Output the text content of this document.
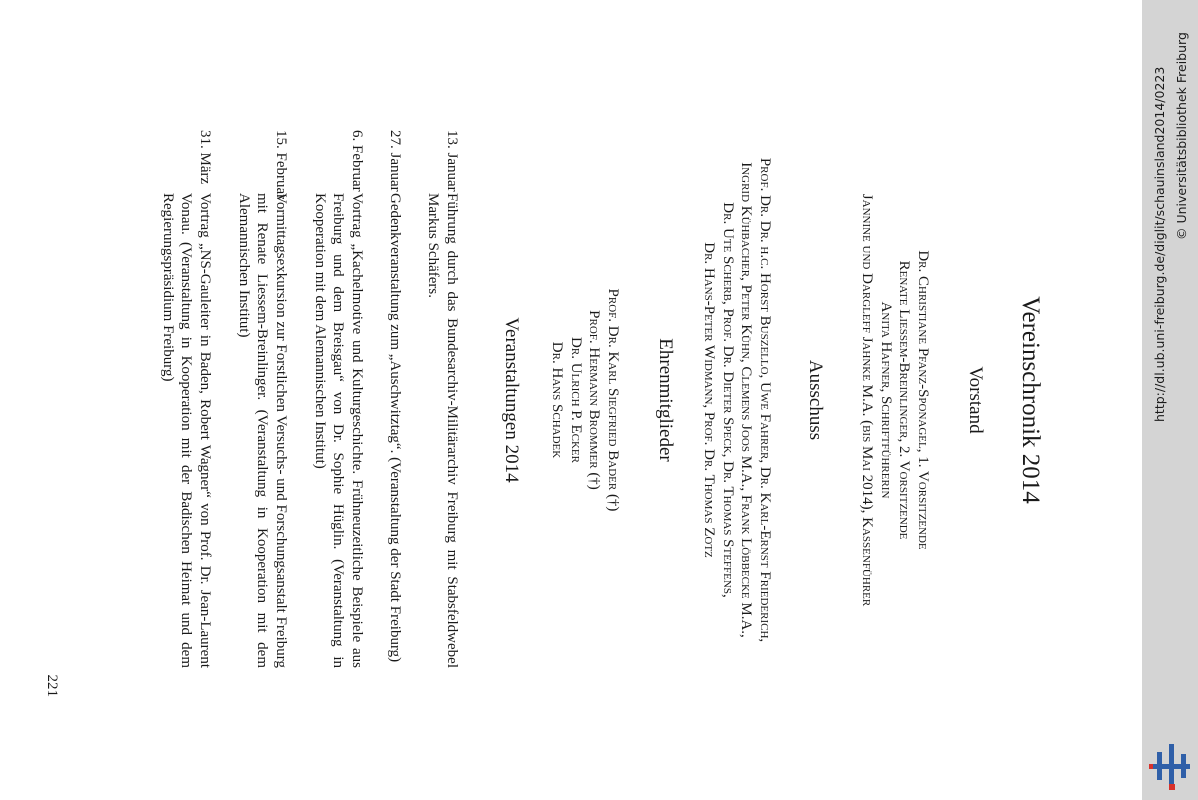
Vereinschronik 2014
Vorstand
Dr. Christiane Pfanz-Sponagel, 1. Vorsitzende
Renate Liessem-Breinlinger, 2. Vorsitzende
Anita Hafner, Schriftführerin
Jannine und Dargleff Jahnke M.A. (bis Mai 2014), Kassenführer
Ausschuss
Prof. Dr. Dr. h.c. Horst Buszello, Uwe Fahrer, Dr. Karl-Ernst Friederich,
Ingrid Kühbacher, Peter Kühn, Clemens Joos M.A., Frank Löbbecke M.A.,
Dr. Ute Scherb, Prof. Dr. Dieter Speck, Dr. Thomas Steffens,
Dr. Hans-Peter Widmann, Prof. Dr. Thomas Zotz
Ehrenmitglieder
Prof. Dr. Karl Siegfried Bader (†)
Prof. Hermann Brommer (†)
Dr. Ulrich P. Ecker
Dr. Hans Schadek
Veranstaltungen 2014
13. Januar
Führung durch das Bundesarchiv-Militärarchiv Freiburg mit Stabsfeldwebel Markus Schäfers.
27. Januar
Gedenkveranstaltung zum „Auschwitztag“. (Veranstaltung der Stadt Freiburg)
6. Februar
Vortrag „Kachelmotive und Kulturgeschichte. Frühneuzeitliche Beispiele aus Freiburg und dem Breisgau“ von Dr. Sophie Hüglin. (Veranstaltung in Kooperation mit dem Alemannischen Institut)
15. Februar
Vormittagsexkursion zur Forstlichen Versuchs- und Forschungsanstalt Freiburg mit Renate Liessem-Breinlinger. (Veranstaltung in Kooperation mit dem Alemannischen Institut)
31. März
Vortrag „NS-Gauleiter in Baden, Robert Wagner“ von Prof. Dr. Jean-Laurent Vonau. (Veranstaltung in Kooperation mit der Badischen Heimat und dem Regierungspräsidium Freiburg)
221
http://dl.ub.uni-freiburg.de/diglit/schauinsland2014/0223 © Universitätsbibliothek Freiburg
